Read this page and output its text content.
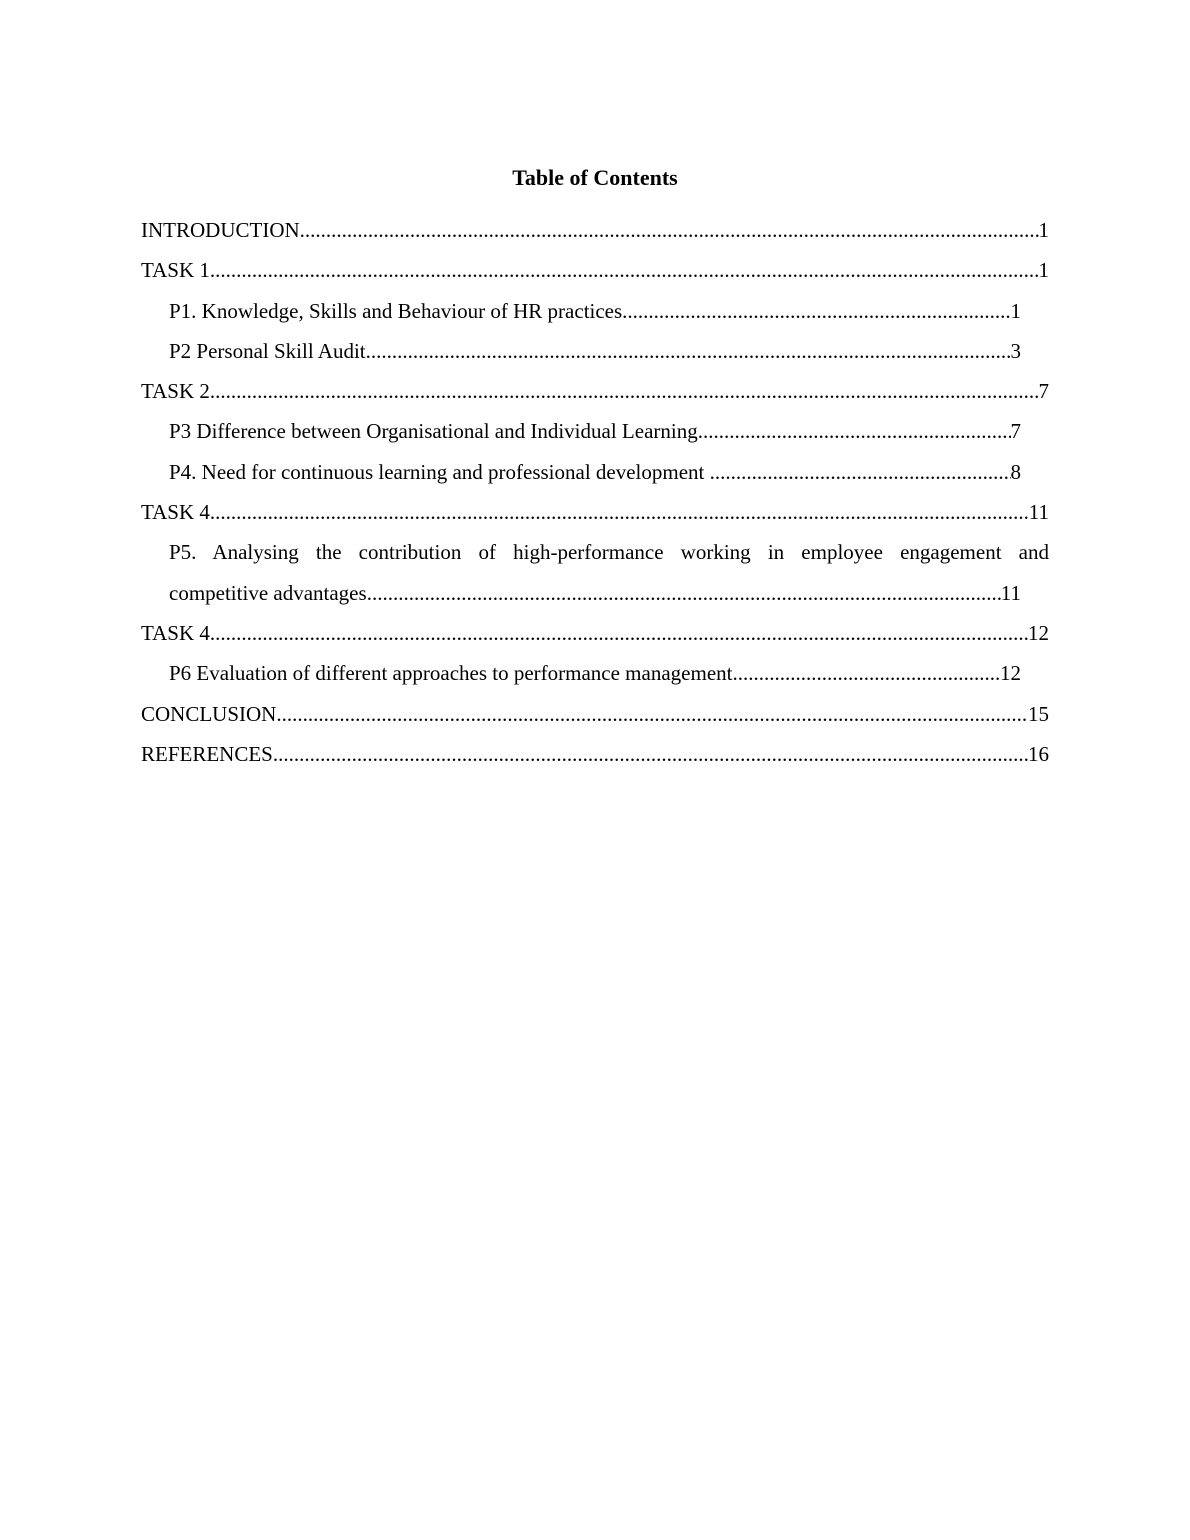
Table of Contents
INTRODUCTION .....	1
TASK 1 .....	1
P1. Knowledge, Skills and Behaviour of HR practices .....	1
P2 Personal Skill Audit .....	3
TASK 2 .....	7
P3 Difference between Organisational and Individual Learning .....	7
P4. Need for continuous learning and professional development .....	8
TASK 4 .....	11
P5. Analysing the contribution of high-performance working in employee engagement and
competitive advantages .....	11
TASK 4 .....	12
P6 Evaluation of different approaches to performance management .....	12
CONCLUSION .....	15
REFERENCES .....	16
